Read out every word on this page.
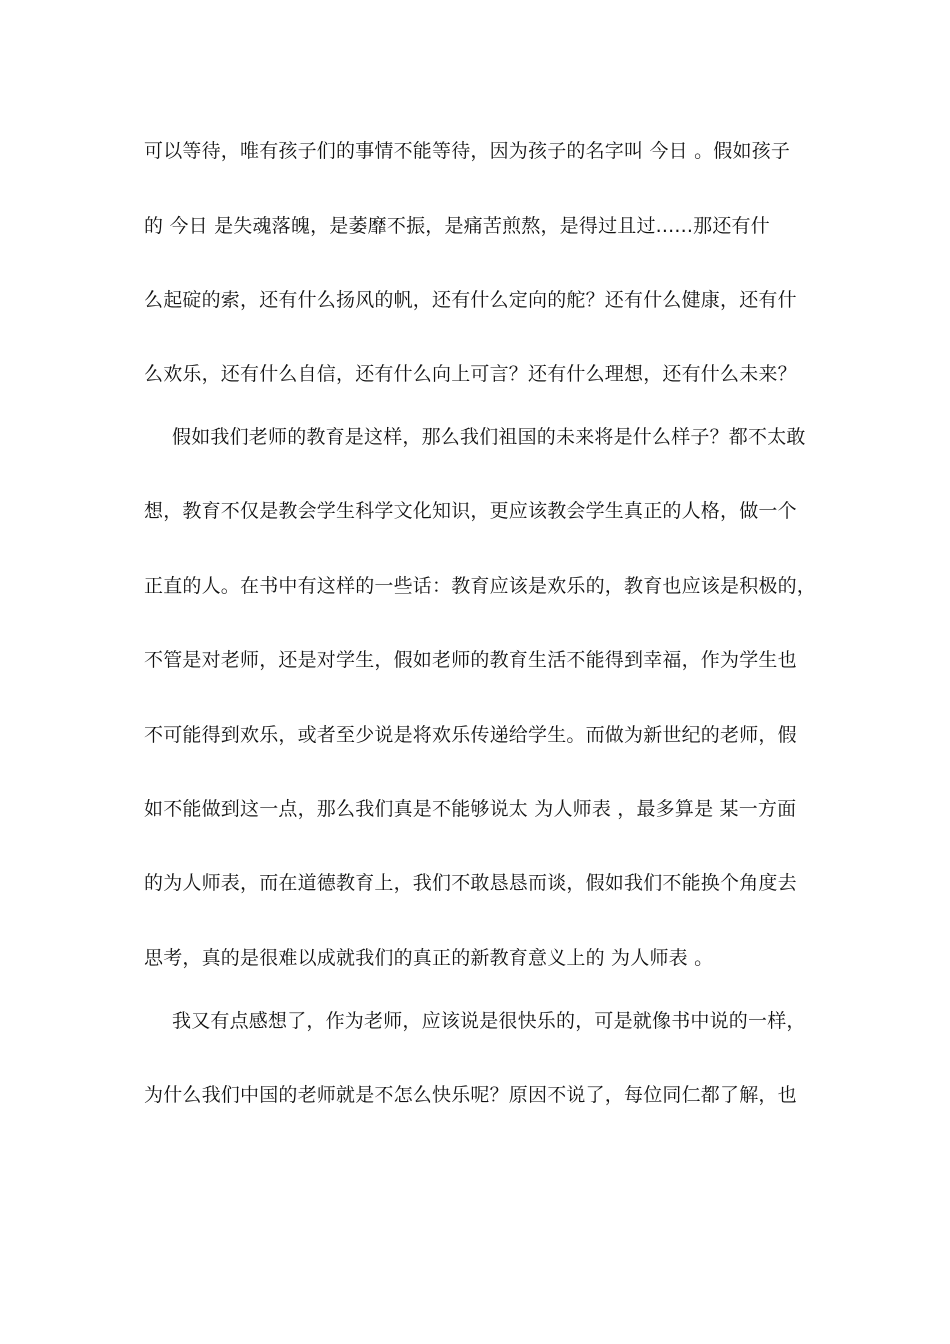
可以等待，唯有孩子们的事情不能等待，因为孩子的名字叫 今日 。假如孩子
的 今日 是失魂落魄，是萎靡不振，是痛苦煎熬，是得过且过......那还有什
么起碇的索，还有什么扬风的帆，还有什么定向的舵？还有什么健康，还有什
么欢乐，还有什么自信，还有什么向上可言？还有什么理想，还有什么未来？
假如我们老师的教育是这样，那么我们祖国的未来将是什么样子？都不太敢
想，教育不仅是教会学生科学文化知识，更应该教会学生真正的人格，做一个
正直的人。在书中有这样的一些话：教育应该是欢乐的，教育也应该是积极的，
不管是对老师，还是对学生，假如老师的教育生活不能得到幸福，作为学生也
不可能得到欢乐，或者至少说是将欢乐传递给学生。而做为新世纪的老师，假
如不能做到这一点，那么我们真是不能够说太 为人师表 ，最多算是 某一方面
的为人师表，而在道德教育上，我们不敢恳恳而谈，假如我们不能换个角度去
思考，真的是很难以成就我们的真正的新教育意义上的 为人师表 。
我又有点感想了，作为老师，应该说是很快乐的，可是就像书中说的一样，
为什么我们中国的老师就是不怎么快乐呢？原因不说了，每位同仁都了解，也
